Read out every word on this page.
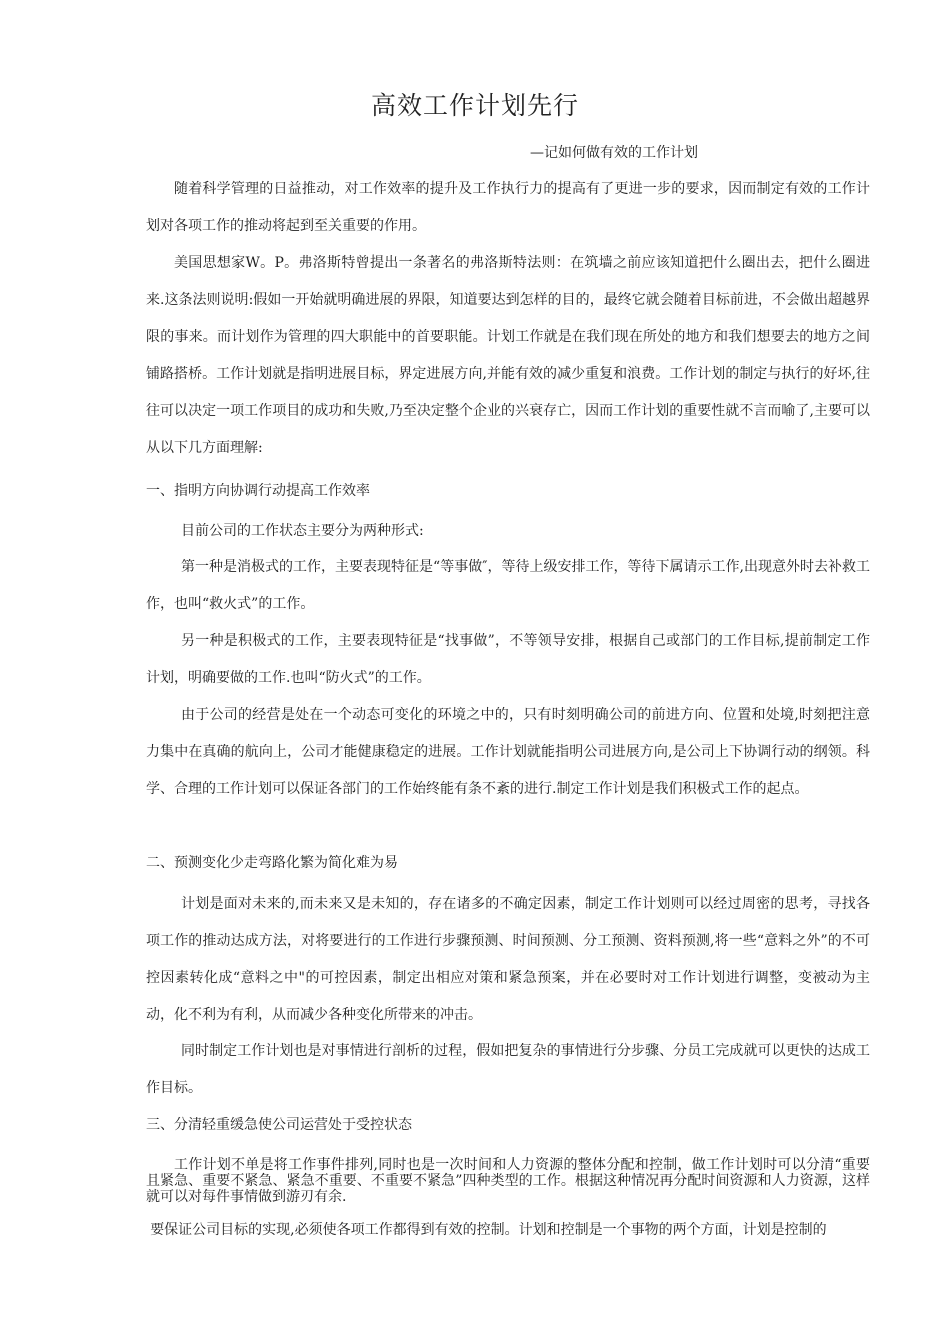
高效工作计划先行
—记如何做有效的工作计划
随着科学管理的日益推动，对工作效率的提升及工作执行力的提高有了更进一步的要求，因而制定有效的工作计划对各项工作的推动将起到至关重要的作用。
美国思想家W。P。弗洛斯特曾提出一条著名的弗洛斯特法则：在筑墙之前应该知道把什么圈出去，把什么圈进来.这条法则说明:假如一开始就明确进展的界限，知道要达到怎样的目的，最终它就会随着目标前进，不会做出超越界限的事来。而计划作为管理的四大职能中的首要职能。计划工作就是在我们现在所处的地方和我们想要去的地方之间铺路搭桥。工作计划就是指明进展目标，界定进展方向,并能有效的减少重复和浪费。工作计划的制定与执行的好坏,往往可以决定一项工作项目的成功和失败,乃至决定整个企业的兴衰存亡，因而工作计划的重要性就不言而喻了,主要可以从以下几方面理解:
一、指明方向协调行动提高工作效率
目前公司的工作状态主要分为两种形式:
第一种是消极式的工作，主要表现特征是“等事做″，等待上级安排工作，等待下属请示工作,出现意外时去补救工作，也叫“救火式”的工作。
另一种是积极式的工作，主要表现特征是“找事做”，不等领导安排，根据自己或部门的工作目标,提前制定工作计划，明确要做的工作.也叫“防火式”的工作。
由于公司的经营是处在一个动态可变化的环境之中的，只有时刻明确公司的前进方向、位置和处境,时刻把注意力集中在真确的航向上，公司才能健康稳定的进展。工作计划就能指明公司进展方向,是公司上下协调行动的纲领。科学、合理的工作计划可以保证各部门的工作始终能有条不紊的进行.制定工作计划是我们积极式工作的起点。
二、预测变化少走弯路化繁为简化难为易
计划是面对未来的,而未来又是未知的，存在诸多的不确定因素，制定工作计划则可以经过周密的思考，寻找各项工作的推动达成方法，对将要进行的工作进行步骤预测、时间预测、分工预测、资料预测,将一些“意料之外”的不可控因素转化成“意料之中"的可控因素，制定出相应对策和紧急预案，并在必要时对工作计划进行调整，变被动为主动，化不利为有利，从而减少各种变化所带来的冲击。
同时制定工作计划也是对事情进行剖析的过程，假如把复杂的事情进行分步骤、分员工完成就可以更快的达成工作目标。
三、分清轻重缓急使公司运营处于受控状态
工作计划不单是将工作事件排列,同时也是一次时间和人力资源的整体分配和控制，做工作计划时可以分清“重要且紧急、重要不紧急、紧急不重要、不重要不紧急”四种类型的工作。根据这种情况再分配时间资源和人力资源，这样就可以对每件事情做到游刃有余.
要保证公司目标的实现,必须使各项工作都得到有效的控制。计划和控制是一个事物的两个方面，计划是控制的
